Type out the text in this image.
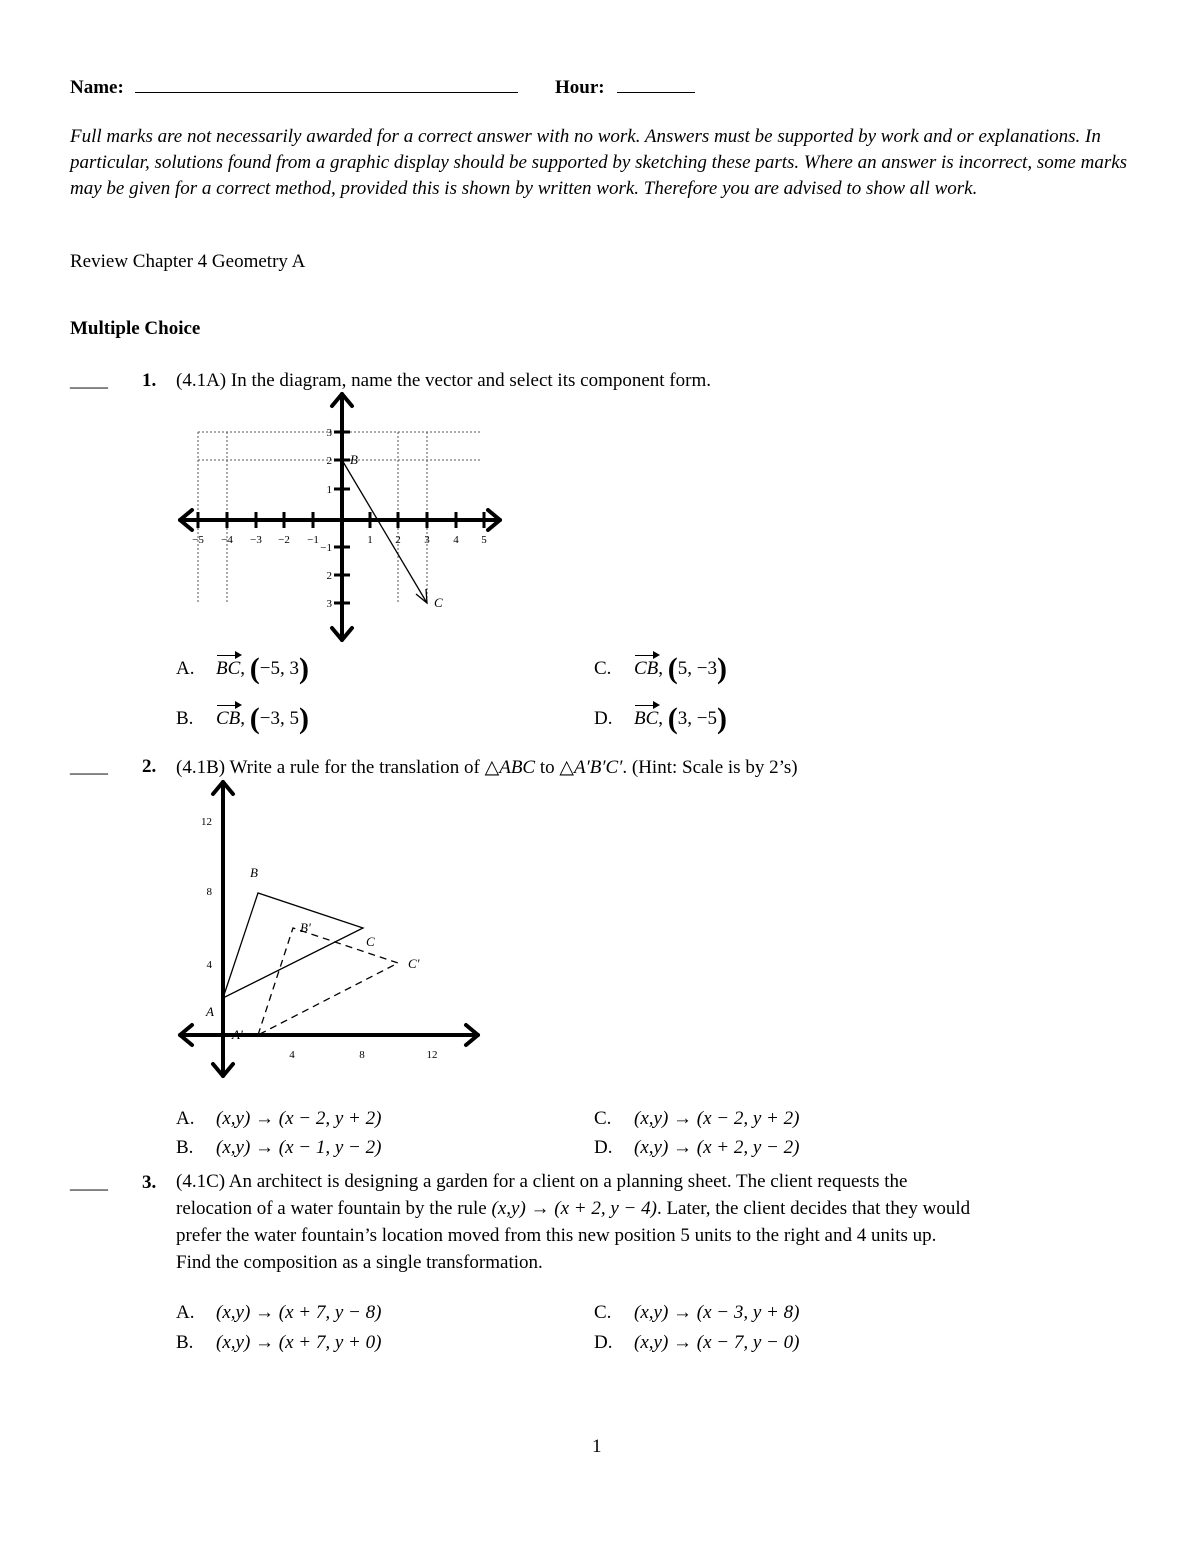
Name:	Hour:
Full marks are not necessarily awarded for a correct answer with no work. Answers must be supported by work and or explanations. In particular, solutions found from a graphic display should be supported by sketching these parts. Where an answer is incorrect, some marks may be given for a correct method, provided this is shown by written work. Therefore you are advised to show all work.
Review Chapter 4 Geometry A
Multiple Choice
____ 1. (4.1A) In the diagram, name the vector and select its component form.
−5 −4 −3 −2 −1	1 2 3 4 5
1
2
3
−1
2
3
B
C
A. BC, (−5, 3)
B. CB, (−3, 5)
C. CB, (5, −3)
D. BC, (3, −5)
____ 2. (4.1B) Write a rule for the translation of △ABC to △A′B′C′. (Hint: Scale is by 2’s)
4	8	12
4
8
12
A
B
C
A'
B'
C'
A. (x,y) → (x − 2, y + 2)
B. (x,y) → (x − 1, y − 2)
C. (x,y) → (x − 2, y + 2)
D. (x,y) → (x + 2, y − 2)
____ 3. (4.1C) An architect is designing a garden for a client on a planning sheet. The client requests the
relocation of a water fountain by the rule (x,y) → (x + 2, y − 4). Later, the client decides that they would
prefer the water fountain’s location moved from this new position 5 units to the right and 4 units up.
Find the composition as a single transformation.
A. (x,y) → (x + 7, y − 8)
B. (x,y) → (x + 7, y + 0)
C. (x,y) → (x − 3, y + 8)
D. (x,y) → (x − 7, y − 0)
1
